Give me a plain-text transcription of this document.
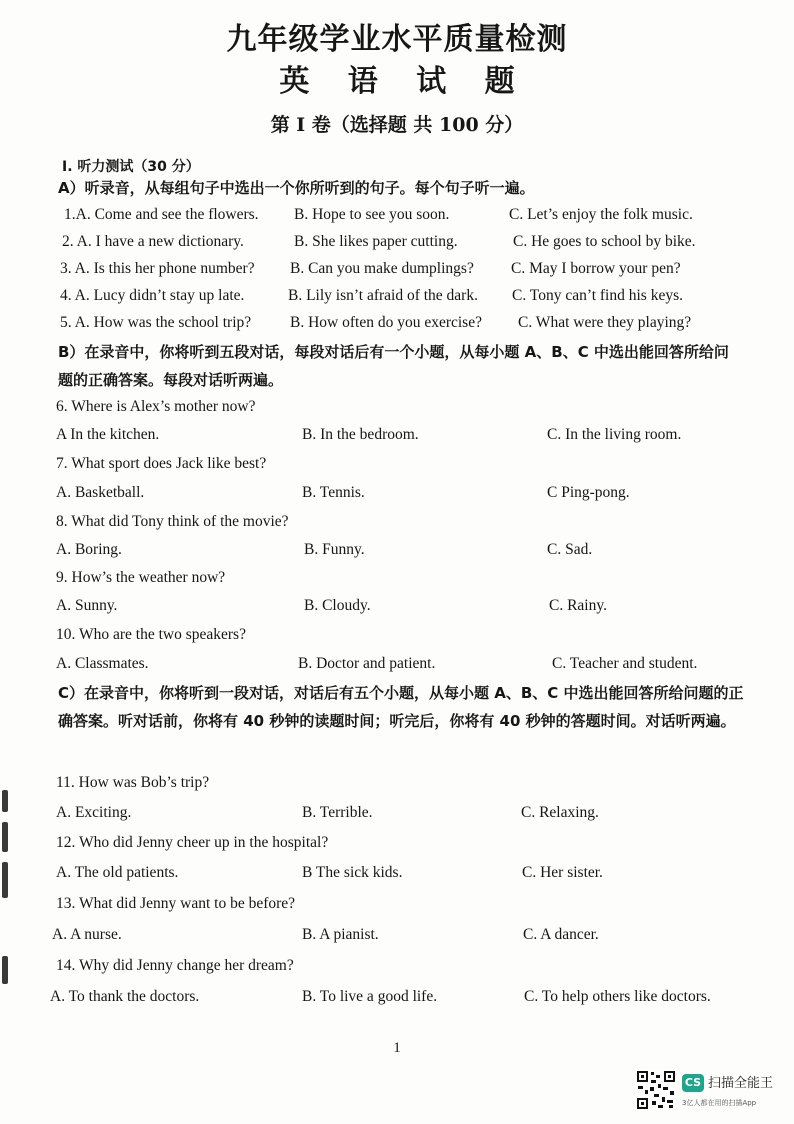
九年级学业水平质量检测
英 语 试 题
第 I 卷（选择题 共 100 分）
I. 听力测试（30 分）
A）听录音，从每组句子中选出一个你所听到的句子。每个句子听一遍。
1.A. Come and see the flowers. B. Hope to see you soon.	C. Let’s enjoy the folk music.
2. A. I have a new dictionary.	B. She likes paper cutting.	C. He goes to school by bike.
3. A. Is this her phone number? B. Can you make dumplings? C. May I borrow your pen?
4. A. Lucy didn’t stay up late.	B. Lily isn’t afraid of the dark. C. Tony can’t find his keys.
5. A. How was the school trip?	B. How often do you exercise? C. What were they playing?
B）在录音中，你将听到五段对话，每段对话后有一个小题，从每小题 A、B、C 中选出能回答所给问题的正确答案。每段对话听两遍。
6. Where is Alex’s mother now?
A In the kitchen.	B. In the bedroom.	C. In the living room.
7. What sport does Jack like best?
A. Basketball.	B. Tennis.	C Ping-pong.
8. What did Tony think of the movie?
A. Boring.	B. Funny.	C. Sad.
9. How’s the weather now?
A. Sunny.	B. Cloudy.	C. Rainy.
10. Who are the two speakers?
A. Classmates.	B. Doctor and patient.	C. Teacher and student.
C）在录音中，你将听到一段对话，对话后有五个小题，从每小题 A、B、C 中选出能回答所给问题的正确答案。听对话前，你将有 40 秒钟的读题时间；听完后，你将有 40 秒钟的答题时间。对话听两遍。
11. How was Bob’s trip?
A. Exciting.	B. Terrible.	C. Relaxing.
12. Who did Jenny cheer up in the hospital?
A. The old patients.	B The sick kids.	C. Her sister.
13. What did Jenny want to be before?
A. A nurse.	B. A pianist.	C. A dancer.
14. Why did Jenny change her dream?
A. To thank the doctors.	B. To live a good life.	C. To help others like doctors.
1
CS 扫描全能王
3亿人都在用的扫描App
